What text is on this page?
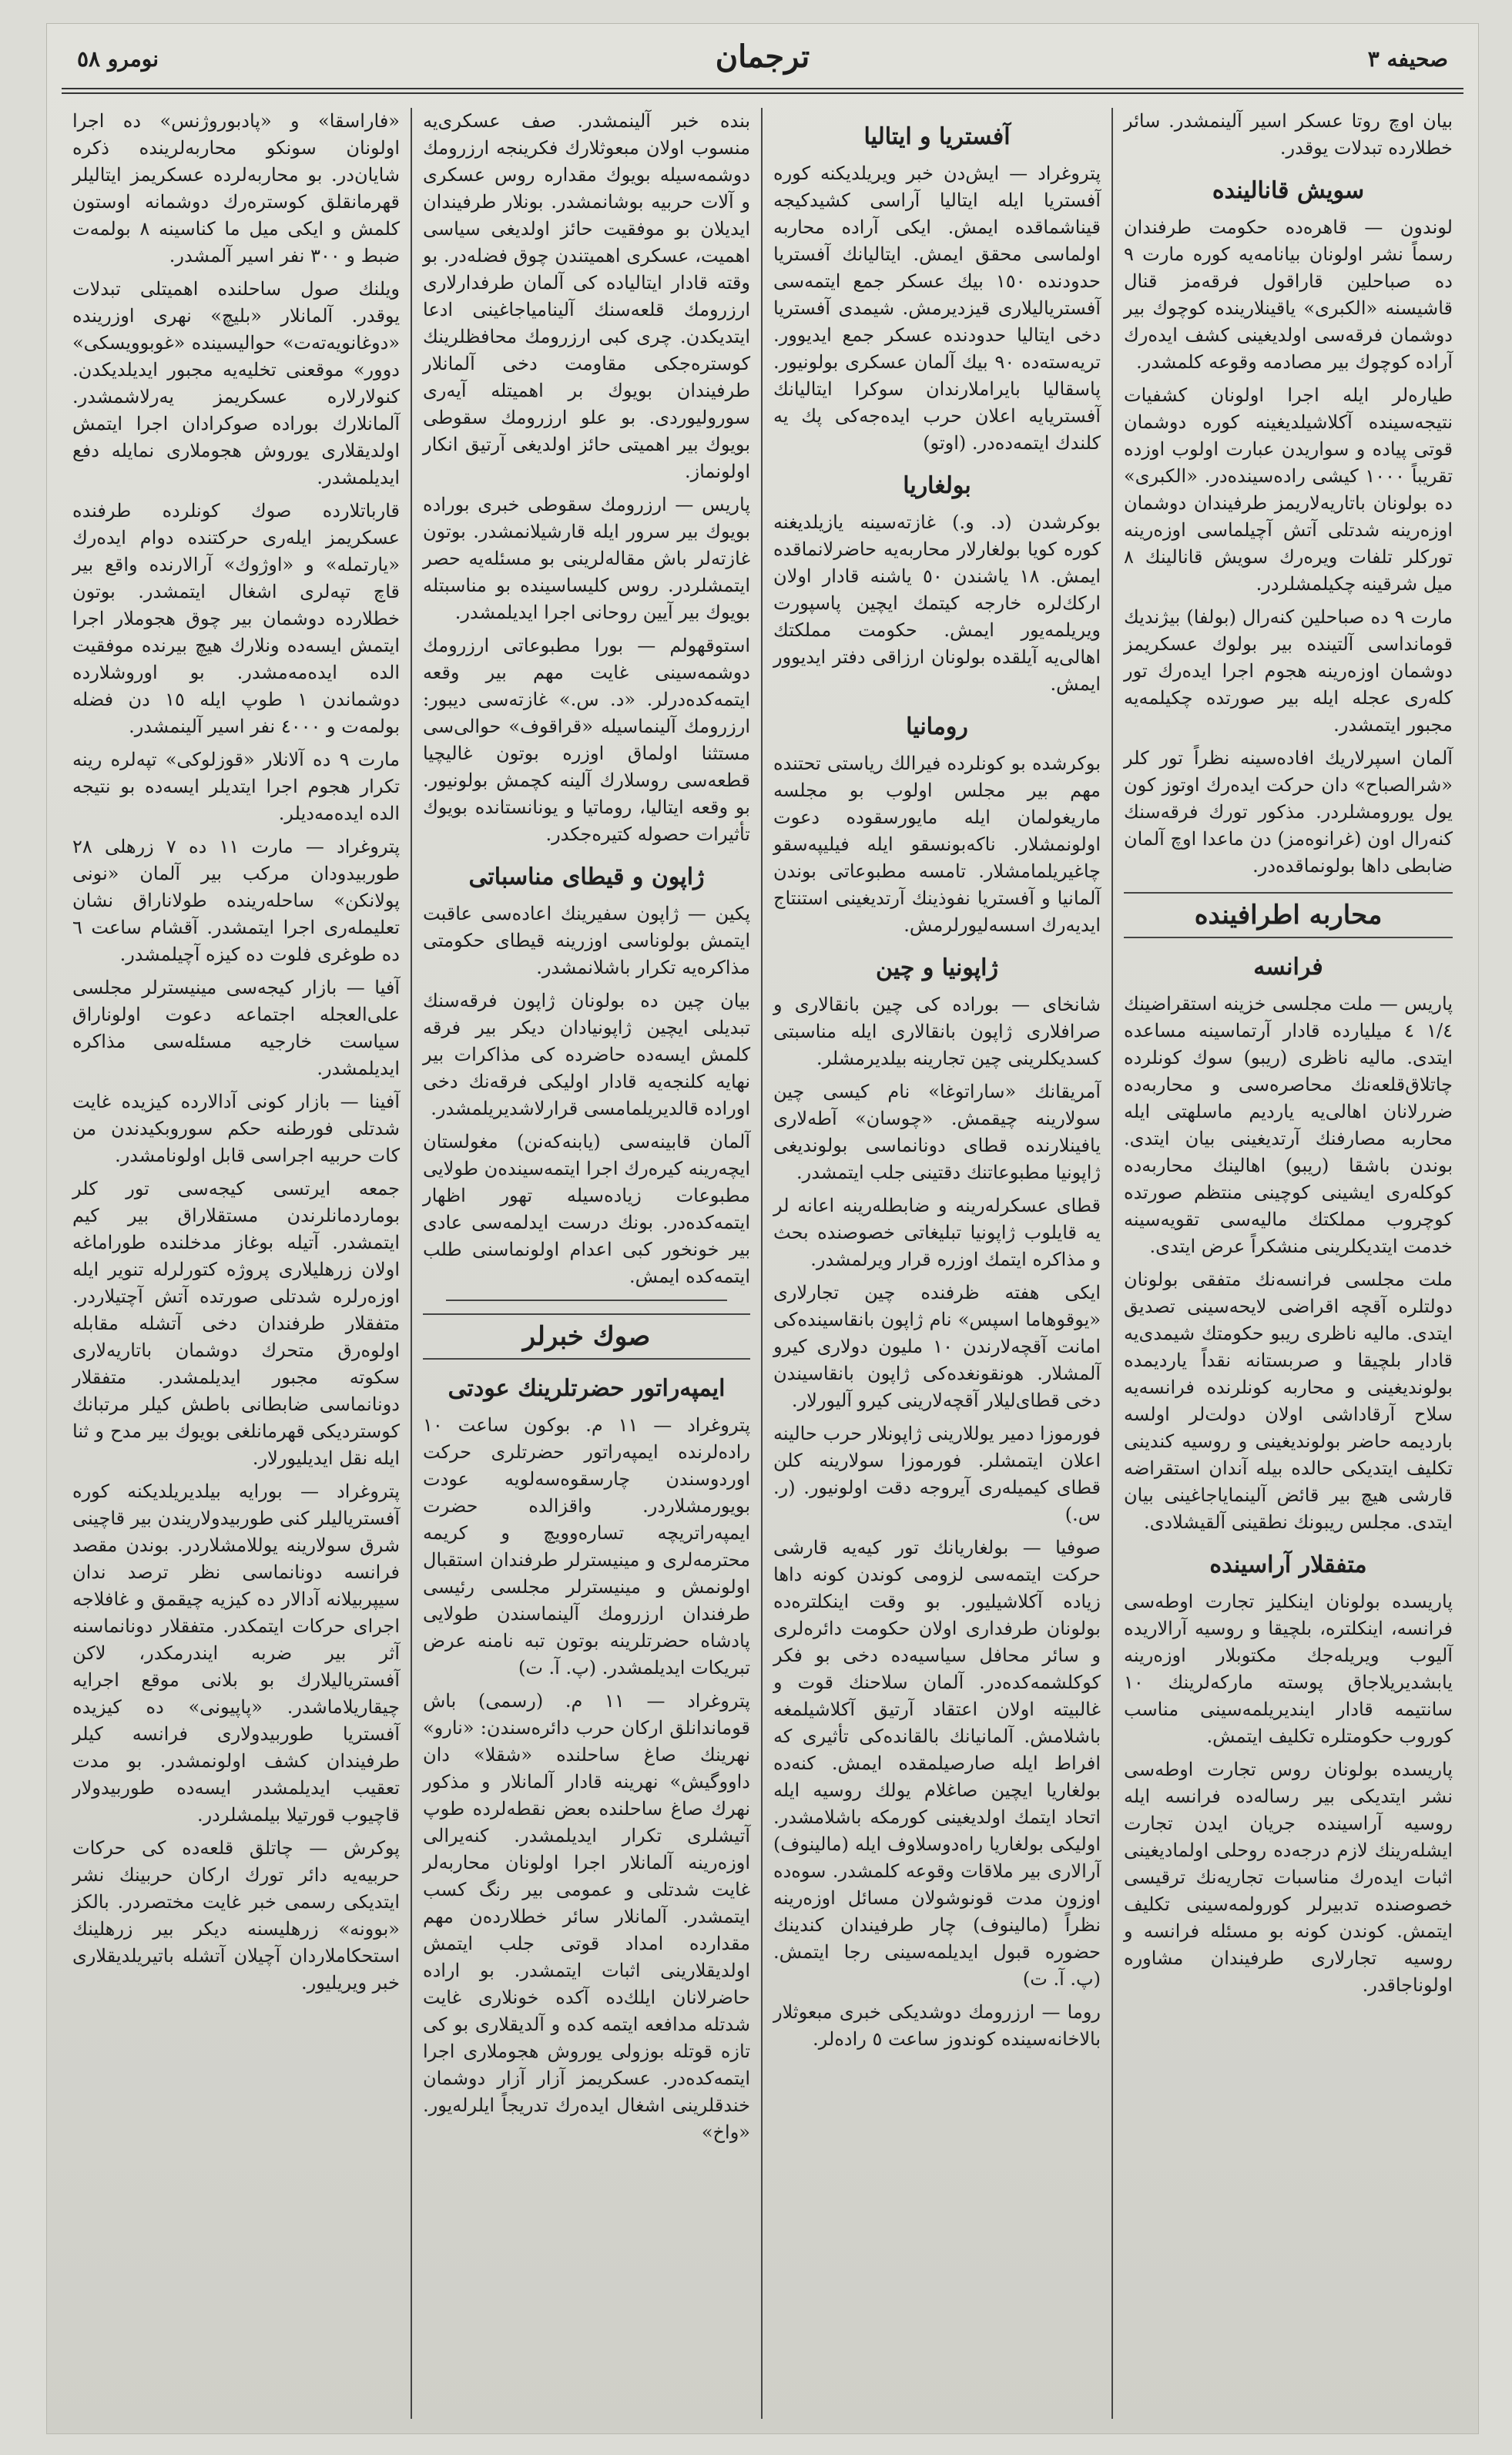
صحیفه ٣
ترجمان
نومرو ٥٨

بيان اوچ روتا عسكر اسير آلينمشدر. سائر خطلارده تبدلات يوقدر.

سويش قانالينده

لوندون — قاهره‌ده حكومت طرفندان رسماً نشر اولونان بيانامه‌يه كوره مارت ٩ ده صباحلين قاراقول فرقه‌مز قنال قاشيسنه «الكبرى» ياقينلارينده كوچوك بير دوشمان فرقه‌سی اولديغينی كشف ايدەرك آرادە كوچوك بير مصادمه وقوعه كلمشدر.

طياره‌لر ايله اجرا اولونان كشفيات نتيجه‌سينده آكلاشيلديغينه كوره دوشمان قوتی پياده و سواريدن عبارت اولوب اوزده تقريباً ١٠٠٠ كيشی راده‌سينده‌در. «الكبرى» ده بولونان باتاريه‌لاريمز طرفيندان دوشمان اوزه‌رينه شدتلی آتش آچيلماسی اوزه‌رينه توركلر تلفات ويره‌رك سويش قانالينك ٨ ميل شرقينه چكيلمشلردر.

مارت ٩ ده صباحلين كنه‌رال (بولفا) بيژنديك قومانداسی آلتينده بير بولوك عسكريمز دوشمان اوزه‌رينه هجوم اجرا ايدەرك تور كله‌رى عجله ايله بير صورتده چكيلمه‌يه مجبور ايتمشدر.

آلمان اسپرلاريك افاده‌سينه نظراً تور كلر «شرالصباح» دان حركت ايدەرك اوتوز كون يول يورومشلردر. مذكور تورك فرقه‌سنك كنه‌رال اون (غرانوه‌مز) دن ماعدا اوچ آلمان ضابطی داها بولونماقده‌در.

محاربه اطرافينده
فرانسه

پاريس — ملت مجلسی خزينه استقراضينك ١/٤ ٤ ميليارده قادار آرتماسينه مساعده ايتدی. ماليه ناظری (ريبو) سوك كونلرده چاتلاق‌قلعه‌نك محاصره‌سی و محاربه‌ده ضررلانان اهالی‌يه يارديم ماسلهتی ايله محاربه مصارفنك آرتديغينی بيان ايتدی. بوندن باشقا (ريبو) اهالينك محاربه‌ده كوكله‌ری ايشينی كوچينی منتظم صورتده كوچروب مملكتك ماليه‌سی تقويه‌سينه خدمت ايتديكلرينی منشكراً عرض ايتدی.

ملت مجلسی فرانسه‌نك متفقی بولونان دولتلره آقچه اقراضی لايحه‌سينی تصديق ايتدی. ماليه ناظری ريبو حكومتك شيمدی‌يه قادار بلچيقا و صربستانه نقداً يارديمده بولونديغينی و محاربه كونلرنده فرانسه‌يه سلاح آرقاداشی اولان دولت‌لر اولسه باردیمه حاضر بولونديغينی و روسيه كندينی تكليف ايتديكی حالده بيله آندان استقراضه قارشی هيچ بير قائض آلينماياجاغينی بيان ايتدی. مجلس ريبونك نطقينی آلقيشلادی.

متفقلار آراسينده

پاريسده بولونان اينكليز تجارت اوطه‌سی فرانسه، اينكلتره، بلچيقا و روسيه آرالاريده آليوب ويريله‌جك مكتوبلار اوزه‌رينه يابشديريلاجاق پوسته ماركه‌لرينك ١٠ سانتيمه قادار اينديريلمه‌سينی مناسب كوروب حكومتلره تكليف ايتمش.

پاريسده بولونان روس تجارت اوطه‌سی نشر ايتديكی بير رساله‌ده فرانسه ايله روسيه آراسينده جريان ايدن تجارت ايشله‌رينك لازم درجه‌ده روحلی اولماديغينی اثبات ايدەرك مناسبات تجاريه‌نك ترقيسی خصوصنده تدبيرلر كورولمه‌سينی تكليف ايتمش. كوندن كونه بو مسئله فرانسه و روسيه تجارلاری طرفيندان مشاوره اولوناجاقدر.

آفستريا و ايتاليا

پتروغراد — ايش‌دن خبر ويريلديكنه كوره آفستريا ايله ايتاليا آراسی كشيدكيجه قيناشماقده ايمش. ايكی آراده محاربه اولماسی محقق ايمش. ايتاليانك آفستريا حدودنده ١٥٠ بيك عسكر جمع ايتمه‌سی آفستريا‌لیلاری قيزديرمش. شيمدی آفستريا دخی ايتاليا حدودنده عسكر جمع ايديوور. تريه‌سته‌ده ٩٠ بيك آلمان عسكری بولونيور. پاسقاليا بايراملارندان سوكرا ايتاليانك آفستريا‌يه اعلان حرب ايده‌جه‌كی پك يه كلندك ايتمه‌ده‌در. (اوتو)

بولغاريا

بوكرشدن (د. و.) غازته‌سينه يازيلديغنه كوره كويا بولغارلار محاربه‌يه حاضرلانماقده ايمش. ١٨ ياشندن ٥٠ ياشنه قادار اولان اركك‌لره خارجه كيتمك ايچين پاسپورت ويريلمه‌يور ايمش. حكومت مملكتك اهالی‌يه آيلقده بولونان ارزاقی دفتر ايديوور ايمش.

رومانيا

بوكرشده بو كونلرده فيرالك رياستی تحتنده مهم بير مجلس اولوب بو مجلسه ماريغولمان ايله مايورسقوده دعوت اولونمشلار. ناكه‌بونسقو ايله فيليپه‌سقو چاغيريلمامشلار. تامسه مطبوعاتی بوندن آلمانيا و آفستريا نفوذينك آرتديغينی استنتاج ايديه‌رك اسسه‌ليورلرمش.

ژاپونيا و چين

شانخاى — بورادە كی چين بانقالاری و صرافلاری ژاپون بانقالاری ايله مناسبتی كسديكلرينی چين تجارينه بيلديرمشلر.

آمريقانك «ساراتوغا» نام كيسی چين سولارينه چيقمش. «چوسان» آطه‌لاری يافينلارنده قطای دونانماسی بولونديغی ژاپونيا مطبوعاتنك دقتينی جلب ايتمشدر.

قطای عسكرله‌رينه و ضابطله‌رينه اعانه لر يه قايلوب ژاپونيا تبليغاتی خصوصنده بحث و مذاكره ايتمك اوزره قرار ويرلمشدر.

ايكی هفته ظرفنده چين تجارلاری «يوقوهاما اسپس» نام ژاپون بانقاسينده‌كی امانت آقچه‌لارندن ١٠ مليون دولاری كيرو آلمشلار. هونقونغده‌كی ژاپون بانقاسيندن دخی قطای‌لیلار آقچه‌لارينی كيرو آليورلار.

فورموزا دمير يوللارينی ژاپونلار حرب حالينه اعلان ايتمشلر. فورموزا سولارينه كلن قطای كيميله‌رى آيروجه دقت اولونيور. (ر. س.)

صوفيا — بولغاريانك تور كيه‌يه قارشی حركت ايتمه‌سی لزومی كوندن كونه داها زياده آكلاشيليور. بو وقت اينكلتره‌ده بولونان طرفدارى اولان حكومت دائره‌لری و سائر محافل سياسيه‌ده دخی بو فكر كوكلشمه‌كده‌در. آلمان سلاحنك قوت و غالبيته اولان اعتقاد آرتيق آكلاشيلمغه باشلامش. آلمانيانك بالقانده‌كی تأثيری كه افراط ايله صارصيلمقده ايمش. كنه‌ده بولغاريا ايچين صاغلام يولك روسيه ايله اتحاد ايتمك اولديغينی كورمكه باشلامشدر. اوليكی بولغاريا راه‌دوسلاوف ايله (مالينوف) آرالاری بير ملاقات وقوعه كلمشدر. سوه‌ده اوزون مدت قونوشولان مسائل اوزه‌رينه نظراً (مالينوف) چار طرفيندان كندينك حضوره قبول ايديلمه‌سينی رجا ايتمش. (پ. آ. ت)

روما — ارزرومك دوشديكی خبری مبعوثلار بالاخانه‌سينده كوندوز ساعت ٥ راده‌لر.

بنده خبر آلينمشدر. صف عسكری‌يه منسوب اولان مبعوثلارك فكرينجه ارزرومك دوشمه‌سيله بويوك مقداره روس عسكری و آلات حربيه بوشانمشدر. بونلار طرفيندان ايديلان بو موفقيت حائز اولديغی سياسی اهميت، عسكری اهميتندن چوق فضله‌در. بو وقته قادار ايتاليا‌ده كی آلمان طرفدارلاری ارزرومك قلعه‌سنك آلينامياجاغينی ادعا ايتديكدن. چرى كبی ارزرومك محافظلرينك كوستره‌جكی مقاومت دخی آلمانلار طرفيندان بويوك بر اهميتله آيه‌ری سوروليوردی. بو علو ارزرومك سقوطی بويوك بير اهميتی حائز اولديغی آرتيق انكار اولونماز.

پاريس — ارزرومك سقوطی خبری بورادە بويوك بير سرور ايله قارشيلانمشدر. بوتون غازته‌لر باش مقاله‌لرينی بو مسئله‌يه حصر ايتمشلردر. روس كليساسينده بو مناسبتله بويوك بير آيين روحانی اجرا ايديلمشدر.

استوقهولم — بورا مطبوعاتی ارزرومك دوشمه‌سينی غايت مهم بير وقعه ايتمه‌كده‌درلر. «د. س.» غازته‌سی ديبور: ارزرومك آلينماسيله «قراقوف» حوالی‌سی مستثنا اولماق اوزره بوتون غاليچيا قطعه‌سی روسلارك آلينه كچمش بولونيور. بو وقعه ايتاليا، روماتيا و يونانستانده بويوك تأثيرات حصوله كتيره‌جكدر.

ژاپون و قيطای مناسباتی

پكين — ژاپون سفيرينك اعاده‌سی عاقبت ايتمش بولوناسی اوزرينه قيطای حكومتی مذاكره‌يه تكرار باشلانمشدر.

بيان چين ده بولونان ژاپون فرقه‌سنك تبديلی ايچين ژاپونيادان ديكر بير فرقه كلمش ايسه‌ده حاضرده كی مذاكرات بير نهايه كلنجه‌يه قادار اوليكی فرقه‌نك دخی اوراده قالديريلمامسی قرارلاشديريلمشدر.

آلمان قابينه‌سی (يابنه‌كه‌نن) مغولستان ايچه‌رينه كيره‌رك اجرا ايتمه‌سينده‌ن طولايی مطبوعات زياده‌سيله تهور اظهار ايتمه‌كده‌در. بونك درست ايدلمه‌سی عادی بير خونخور كبی اعدام اولونماسنی طلب ايتمه‌كده ايمش.

صوك خبرلر
ايمپه‌راتور حضرتلرينك عودتی

پتروغراد — ١١ م. بوكون ساعت ١٠ راده‌لرنده ايمپه‌راتور حضرتلری حركت اوردوسندن چارسقوه‌سه‌لويه عودت بويورمشلاردر. واقزالده حضرت ايمپه‌راتريچه تساره‌وويچ و كريمه محترمه‌لری و مينيسترلر طرفندان استقبال اولونمش و مينيسترلر مجلسی رئيسی طرفندان ارزرومك آلينماسندن طولايی پادشاه حضرتلرينه بوتون تبه نامنه عرض تبريكات ايديلمشدر. (پ. آ. ت)

پتروغراد — ١١ م. (رسمی) باش قوماندانلق اركان حرب دائره‌سندن: «نارو» نهرينك صاغ ساحلنده «شقلا» دان داووگيش» نهرينه قادار آلمانلار و مذكور نهرك صاغ ساحلنده بعض نقطه‌لرده طوپ آتيشلری تكرار ايديلمشدر. كنه‌يرالی اوزه‌رينه آلمانلار اجرا اولونان محاربه‌لر غايت شدتلی و عمومی بير رنگ كسب ايتمشدر. آلمانلار سائر خطلارده‌ن مهم مقدارده امداد قوتی جلب ايتمش اولديقلارينی اثبات ايتمشدر. بو اراده حاضرلانان ايلك‌ده آكده خونلاری غايت شدتله مدافعه ايتمه كده و آلديقلاری بو كی تازه قوتله بوزولی يوروش هجوملاری اجرا ايتمه‌كده‌در. عسكريمز آزار آزار دوشمان خندقلرينی اشغال ايدەرك تدريجاً ايلرله‌يور. «واخ»

«فاراسقا» و «پادبوروژنس» ده اجرا اولونان سونكو محاربه‌لرينده ذكره شايان‌در. بو محاربه‌لرده عسكريمز ايتاليلر قهرمانقلق كوسترەرك دوشمانه اوستون كلمش و ايكی ميل ما كناسينه ٨ بولمه‌ت ضبط و ٣٠٠ نفر اسير آلمشدر.

ويلنك صول ساحلنده اهميتلی تبدلات يوقدر. آلمانلار «بليچ» نهری اوزرينده «دوغانويه‌ته‌ت» حواليسينده «غوبوويسكی» دوور» موقعنی تخليه‌يه مجبور ايديلديكدن. كنولارلاره عسكريمز يه‌رلاشمشدر. آلمانلارك بورادە صوكرادان اجرا ايتمش اولديقلاری يوروش هجوملاری نمايله دفع ايديلمشدر.

قارباتلارده صوك كونلرده طرفنده عسكريمز ايله‌ری حركتنده دوام ايدەرك «يارتمله» و «اوژوك» آرالارنده واقع بير قاچ تپه‌لری اشغال ايتمشدر. بوتون خطلارده دوشمان بير چوق هجوملار اجرا ايتمش ايسه‌ده ونلارك هيچ بيرنده موفقيت الده ايده‌مه‌مشدر. بو اوروشلارده دوشماندن ١ طوپ ايله ١٥ دن فضله بولمه‌ت و ٤٠٠٠ نفر اسير آلينمشدر.

مارت ٩ ده آلانلار «قوزلوكی» تپه‌لره رينه تكرار هجوم اجرا ايتديلر ايسه‌ده بو نتيجه الده ايده‌مه‌ديلر.

پتروغراد — مارت ١١ ده ٧ زرهلی ٢٨ طوربيدودان مركب بير آلمان «نونی پولانكن» ساحله‌رينده طولاناراق نشان تعليمله‌ری اجرا ايتمشدر. آقشام ساعت ٦ ده طوغری فلوت ده كيزه آچيلمشدر.

آفيا — بازار كيجه‌سی مينيسترلر مجلسی علی‌العجله اجتماعه دعوت اولوناراق سياست خارجيه مسئله‌سی مذاكره ايديلمشدر.

آفينا — بازار كونی آدالارده كيزيده غايت شدتلی فورطنه حكم سوروبكيدندن من كات حربيه اجراسی قابل اولونامشدر.

جمعه ايرتسی كيجه‌سی تور كلر بوماردمانلرندن مستقلاراق بير كيم ايتمشدر. آتيله بوغاز مدخلنده طوراماغه اولان زرهليلارى پروژه كتورلرله تنوير ايله اوزەرلره شدتلی صورتده آتش آچتيلاردر. متفقلار طرفندان دخی آتشله مقابله اولوه‌رق متحرك دوشمان باتاريه‌لاری سكوته مجبور ايديلمشدر. متفقلار دونانماسی ضابطانی باطش كيلر مرتبانك كوسترديكی قهرمانلغی بويوك بير مدح و ثنا ايله نقل ايديليورلار.

پتروغراد — بورايه بيلديريلديكنه كوره آفستريالیلر كنی طوربيدولاريندن بير قاچينی شرق سولارينه يوللامشلاردر. بوندن مقصد فرانسه دونانماسی نظر ترصد ندان سيپربيلانه آدالار ده كيزيه چيقمق و غافلاجه اجرای حركات ايتمكدر. متفقلار دونانماسنه آثر بير ضربه ايندرمكدر، لاكن آفستريالیلارك بو بلانی موقع اجرايه چيقاريلاماشدر. «پاپيونی» ده كيزيده آفستريا طوربيدولاری فرانسه كيلر طرفيندان كشف اولونمشدر. بو مدت تعقيب ايديلمشدر ايسه‌ده طوربيدولار قاچيوب قورتيلا بيلمشلردر.

پوكرش — چاتلق قلعه‌ده كی حركات حربيه‌يه دائر تورك اركان حربينك نشر ايتديكی رسمی خبر غايت مختصردر. بالكز «بوونه» زرهليسنه ديكر بير زرهلينك استحكاملاردان آچيلان آتشله باتيريلديقلاری خبر ويريليور.
